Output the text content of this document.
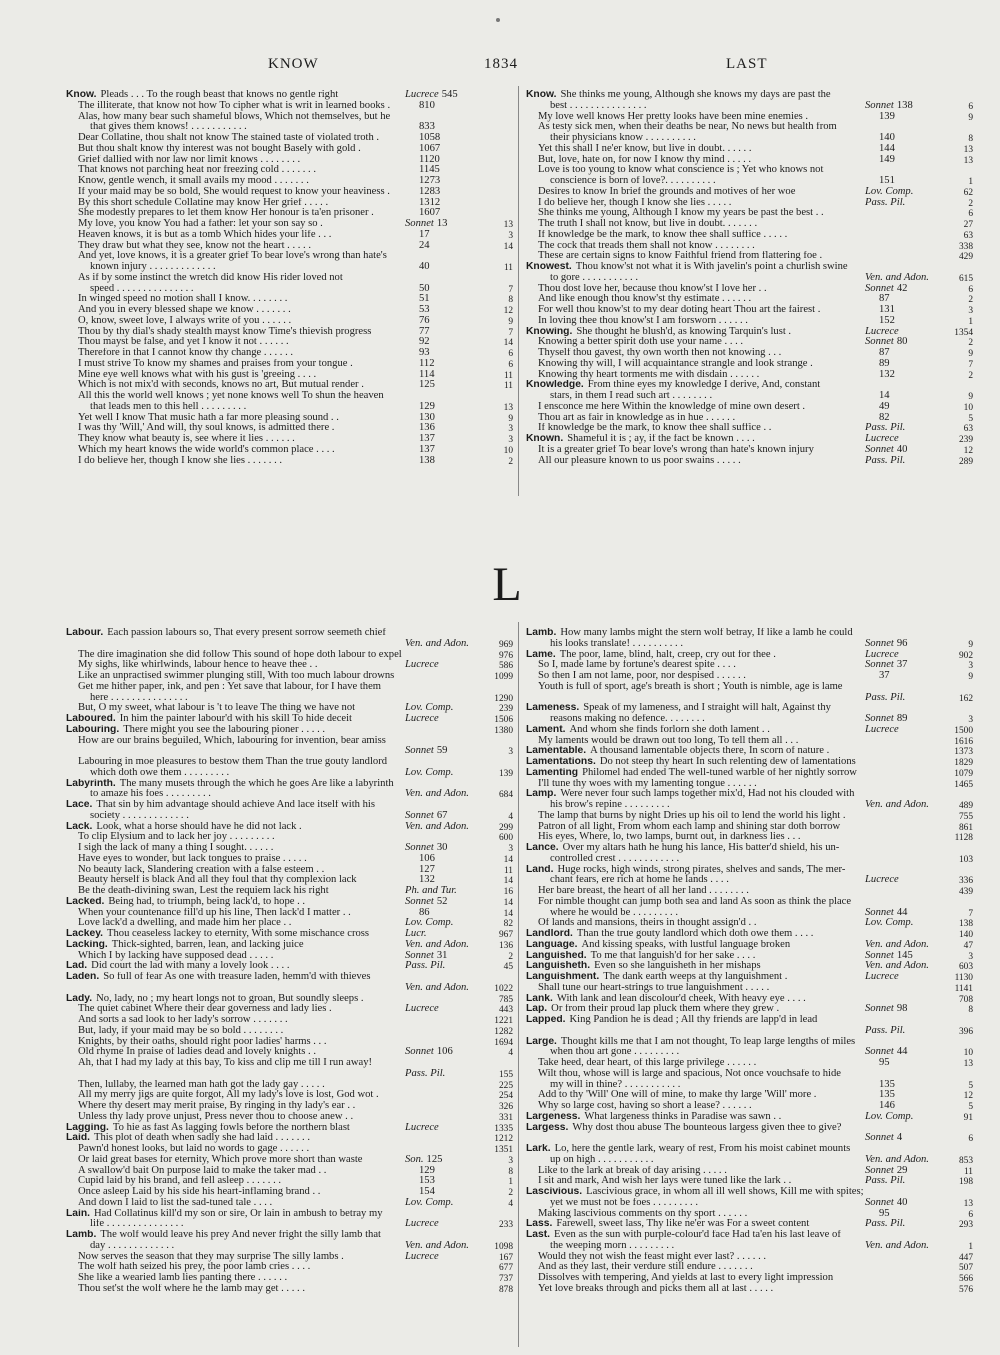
KNOW	1834	LAST
Know. Pleads . . . To the rough beast that knows no gentle right	Lucrece 545
The illiterate, that know not how To cipher what is writ in learned books .	810
Alas, how many bear such shameful blows, Which not themselves, but he
that gives them knows! . . . . . . . . . . .	833
Dear Collatine, thou shalt not know The stained taste of violated troth .	1058
But thou shalt know thy interest was not bought Basely with gold .	1067
Grief dallied with nor law nor limit knows . . . . . . . .	1120
That knows not parching heat nor freezing cold . . . . . . .	1145
Know, gentle wench, it small avails my mood . . . . . . .	1273
If your maid may be so bold, She would request to know your heaviness .	1283
By this short schedule Collatine may know Her grief . . . . .	1312
She modestly prepares to let them know Her honour is ta'en prisoner .	1607
My love, you know You had a father: let your son say so .	Sonnet 13	13
Heaven knows, it is but as a tomb Which hides your life . . .	17	3
They draw but what they see, know not the heart . . . . .	24	14
And yet, love knows, it is a greater grief To bear love's wrong than hate's
known injury . . . . . . . . . . . . .	40	11
As if by some instinct the wretch did know His rider loved not
speed . . . . . . . . . . . . . . .	50	7
In winged speed no motion shall I know. . . . . . . .	51	8
And you in every blessed shape we know . . . . . . .	53	12
O, know, sweet love, I always write of you . . . . . .	76	9
Thou by thy dial's shady stealth mayst know Time's thievish progress	77	7
Thou mayst be false, and yet I know it not . . . . . .	92	14
Therefore in that I cannot know thy change . . . . . .	93	6
I must strive To know my shames and praises from your tongue .	112	6
Mine eye well knows what with his gust is 'greeing . . . .	114	11
Which is not mix'd with seconds, knows no art, But mutual render .	125	11
All this the world well knows ; yet none knows well To shun the heaven
that leads men to this hell . . . . . . . . .	129	13
Yet well I know That music hath a far more pleasing sound . .	130	9
I was thy 'Will,' And will, thy soul knows, is admitted there .	136	3
They know what beauty is, see where it lies . . . . . .	137	3
Which my heart knows the wide world's common place . . . .	137	10
I do believe her, though I know she lies . . . . . . .	138	2
Know. She thinks me young, Although she knows my days are past the
best . . . . . . . . . . . . . . .	Sonnet 138	6
My love well knows Her pretty looks have been mine enemies .	139	9
As testy sick men, when their deaths be near, No news but health from
their physicians know . . . . . . . . . .	140	8
Yet this shall I ne'er know, but live in doubt. . . . . .	144	13
But, love, hate on, for now I know thy mind . . . . .	149	13
Love is too young to know what conscience is ; Yet who knows not
conscience is born of love?. . . . . . . . . .	151	1
Desires to know In brief the grounds and motives of her woe	Lov. Comp.	62
I do believe her, though I know she lies . . . . .	Pass. Pil.	2
She thinks me young, Although I know my years be past the best . .	6
The truth I shall not know, but live in doubt. . . . . . .	27
If knowledge be the mark, to know thee shall suffice . . . . .	63
The cock that treads them shall not know . . . . . . . .	338
These are certain signs to know Faithful friend from flattering foe .	429
Knowest. Thou know'st not what it is With javelin's point a churlish swine
to gore . . . . . . . . . . .	Ven. and Adon.	615
Thou dost love her, because thou know'st I love her . .	Sonnet 42	6
And like enough thou know'st thy estimate . . . . . .	87	2
For well thou know'st to my dear doting heart Thou art the fairest .	131	3
In loving thee thou know'st I am forsworn . . . . . .	152	1
Knowing. She thought he blush'd, as knowing Tarquin's lust .	Lucrece	1354
Knowing a better spirit doth use your name . . . .	Sonnet 80	2
Thyself thou gavest, thy own worth then not knowing . . .	87	9
Knowing thy will, I will acquaintance strangle and look strange .	89	7
Knowing thy heart torments me with disdain . . . . . .	132	2
Knowledge. From thine eyes my knowledge I derive, And, constant
stars, in them I read such art . . . . . . . .	14	9
I ensconce me here Within the knowledge of mine own desert .	49	10
Thou art as fair in knowledge as in hue . . . . . .	82	5
If knowledge be the mark, to know thee shall suffice . .	Pass. Pil.	63
Known. Shameful it is ; ay, if the fact be known . . . .	Lucrece	239
It is a greater grief To bear love's wrong than hate's known injury	Sonnet 40	12
All our pleasure known to us poor swains . . . . .	Pass. Pil.	289
L
Labour. Each passion labours so, That every present sorrow seemeth chief
Ven. and Adon.	969
The dire imagination she did follow This sound of hope doth labour to expel	976
My sighs, like whirlwinds, labour hence to heave thee . .	Lucrece	586
Like an unpractised swimmer plunging still, With too much labour drowns	1099
Get me hither paper, ink, and pen : Yet save that labour, for I have them
here . . . . . . . . . . . . . . .	1290
But, O my sweet, what labour is 't to leave The thing we have not	Lov. Comp.	239
Laboured. In him the painter labour'd with his skill To hide deceit	Lucrece	1506
Labouring. There might you see the labouring pioner . . . . .	1380
How are our brains beguiled, Which, labouring for invention, bear amiss
Sonnet 59	3
Labouring in moe pleasures to bestow them Than the true gouty landlord
which doth owe them . . . . . . . . .	Lov. Comp.	139
Labyrinth. The many musets through the which he goes Are like a labyrinth
to amaze his foes . . . . . . . . .	Ven. and Adon.	684
Lace. That sin by him advantage should achieve And lace itself with his
society . . . . . . . . . . . . .	Sonnet 67	4
Lack. Look, what a horse should have he did not lack .	Ven. and Adon.	299
To clip Elysium and to lack her joy . . . . . . . . .	600
I sigh the lack of many a thing I sought. . . . . .	Sonnet 30	3
Have eyes to wonder, but lack tongues to praise . . . . .	106	14
No beauty lack, Slandering creation with a false esteem . .	127	11
Beauty herself is black And all they foul that thy complexion lack	132	14
Be the death-divining swan, Lest the requiem lack his right	Ph. and Tur.	16
Lacked. Being had, to triumph, being lack'd, to hope . .	Sonnet 52	14
When your countenance fill'd up his line, Then lack'd I matter . .	86	14
Love lack'd a dwelling, and made him her place . .	Lov. Comp.	82
Lackey. Thou ceaseless lackey to eternity, With some mischance cross	Lucr.	967
Lacking. Thick-sighted, barren, lean, and lacking juice	Ven. and Adon.	136
Which I by lacking have supposed dead . . . . .	Sonnet 31	2
Lad. Did court the lad with many a lovely look . . . .	Pass. Pil.	45
Laden. So full of fear As one with treasure laden, hemm'd with thieves
Ven. and Adon.	1022
Lady. No, lady, no ; my heart longs not to groan, But soundly sleeps .	785
The quiet cabinet Where their dear governess and lady lies .	Lucrece	443
And sorts a sad look to her lady's sorrow . . . . . . .	1221
But, lady, if your maid may be so bold . . . . . . . .	1282
Knights, by their oaths, should right poor ladies' harms . . .	1694
Old rhyme In praise of ladies dead and lovely knights . .	Sonnet 106	4
Ah, that I had my lady at this bay, To kiss and clip me till I run away!
Pass. Pil.	155
Then, lullaby, the learned man hath got the lady gay . . . . .	225
All my merry jigs are quite forgot, All my lady's love is lost, God wot .	254
Where thy desert may merit praise, By ringing in thy lady's ear . .	326
Unless thy lady prove unjust, Press never thou to choose anew . .	331
Lagging. To hie as fast As lagging fowls before the northern blast	Lucrece	1335
Laid. This plot of death when sadly she had laid . . . . . . .	1212
Pawn'd honest looks, but laid no words to gage . . . . . .	1351
Or laid great bases for eternity, Which prove more short than waste	Son. 125	3
A swallow'd bait On purpose laid to make the taker mad . .	129	8
Cupid laid by his brand, and fell asleep . . . . . . .	153	1
Once asleep Laid by his side his heart-inflaming brand . .	154	2
And down I laid to list the sad-tuned tale . . . .	Lov. Comp.	4
Lain. Had Collatinus kill'd my son or sire, Or lain in ambush to betray my
life . . . . . . . . . . . . . . .	Lucrece	233
Lamb. The wolf would leave his prey And never fright the silly lamb that
day . . . . . . . . . . . . .	Ven. and Adon.	1098
Now serves the season that they may surprise The silly lambs .	Lucrece	167
The wolf hath seized his prey, the poor lamb cries . . . .	677
She like a wearied lamb lies panting there . . . . . .	737
Thou set'st the wolf where he the lamb may get . . . . .	878
Lamb. How many lambs might the stern wolf betray, If like a lamb he could
his looks translate! . . . . . . . . . .	Sonnet 96	9
Lame. The poor, lame, blind, halt, creep, cry out for thee .	Lucrece	902
So I, made lame by fortune's dearest spite . . . .	Sonnet 37	3
So then I am not lame, poor, nor despised . . . . . .	37	9
Youth is full of sport, age's breath is short ; Youth is nimble, age is lame
Pass. Pil.	162
Lameness. Speak of my lameness, and I straight will halt, Against thy
reasons making no defence. . . . . . . .	Sonnet 89	3
Lament. And whom she finds forlorn she doth lament . .	Lucrece	1500
My laments would be drawn out too long, To tell them all . . .	1616
Lamentable. A thousand lamentable objects there, In scorn of nature .	1373
Lamentations. Do not steep thy heart In such relenting dew of lamentations	1829
Lamenting Philomel had ended The well-tuned warble of her nightly sorrow	1079
I'll tune thy woes with my lamenting tongue . . . . . .	1465
Lamp. Were never four such lamps together mix'd, Had not his clouded with
his brow's repine . . . . . . . . .	Ven. and Adon.	489
The lamp that burns by night Dries up his oil to lend the world his light .	755
Patron of all light, From whom each lamp and shining star doth borrow	861
His eyes, Where, lo, two lamps, burnt out, in darkness lies . . .	1128
Lance. Over my altars hath he hung his lance, His batter'd shield, his un-
controlled crest . . . . . . . . . . . .	103
Land. Huge rocks, high winds, strong pirates, shelves and sands, The mer-
chant fears, ere rich at home he lands . . . .	Lucrece	336
Her bare breast, the heart of all her land . . . . . . . .	439
For nimble thought can jump both sea and land As soon as think the place
where he would be . . . . . . . . .	Sonnet 44	7
Of lands and mansions, theirs in thought assign'd . .	Lov. Comp.	138
Landlord. Than the true gouty landlord which doth owe them . . . .	140
Language. And kissing speaks, with lustful language broken	Ven. and Adon.	47
Languished. To me that languish'd for her sake . . . .	Sonnet 145	3
Languisheth. Even so she languisheth in her mishaps	Ven. and Adon.	603
Languishment. The dank earth weeps at thy languishment .	Lucrece	1130
Shall tune our heart-strings to true languishment . . . . .	1141
Lank. With lank and lean discolour'd cheek, With heavy eye . . . .	708
Lap. Or from their proud lap pluck them where they grew .	Sonnet 98	8
Lapped. King Pandion he is dead ; All thy friends are lapp'd in lead
Pass. Pil.	396
Large. Thought kills me that I am not thought, To leap large lengths of miles
when thou art gone . . . . . . . . .	Sonnet 44	10
Take heed, dear heart, of this large privilege . . . . . .	95	13
Wilt thou, whose will is large and spacious, Not once vouchsafe to hide
my will in thine? . . . . . . . . . . .	135	5
Add to thy 'Will' One will of mine, to make thy large 'Will' more .	135	12
Why so large cost, having so short a lease? . . . . . .	146	5
Largeness. What largeness thinks in Paradise was sawn . .	Lov. Comp.	91
Largess. Why dost thou abuse The bounteous largess given thee to give?
Sonnet 4	6
Lark. Lo, here the gentle lark, weary of rest, From his moist cabinet mounts
up on high . . . . . . . . . . .	Ven. and Adon.	853
Like to the lark at break of day arising . . . . .	Sonnet 29	11
I sit and mark, And wish her lays were tuned like the lark . .	Pass. Pil.	198
Lascivious. Lascivious grace, in whom all ill well shows, Kill me with spites;
yet we must not be foes . . . . . . . . .	Sonnet 40	13
Making lascivious comments on thy sport . . . . . .	95	6
Lass. Farewell, sweet lass, Thy like ne'er was For a sweet content	Pass. Pil.	293
Last. Even as the sun with purple-colour'd face Had ta'en his last leave of
the weeping morn . . . . . . . . .	Ven. and Adon.	1
Would they not wish the feast might ever last? . . . . . .	447
And as they last, their verdure still endure . . . . . . .	507
Dissolves with tempering, And yields at last to every light impression	566
Yet love breaks through and picks them all at last . . . . .	576
